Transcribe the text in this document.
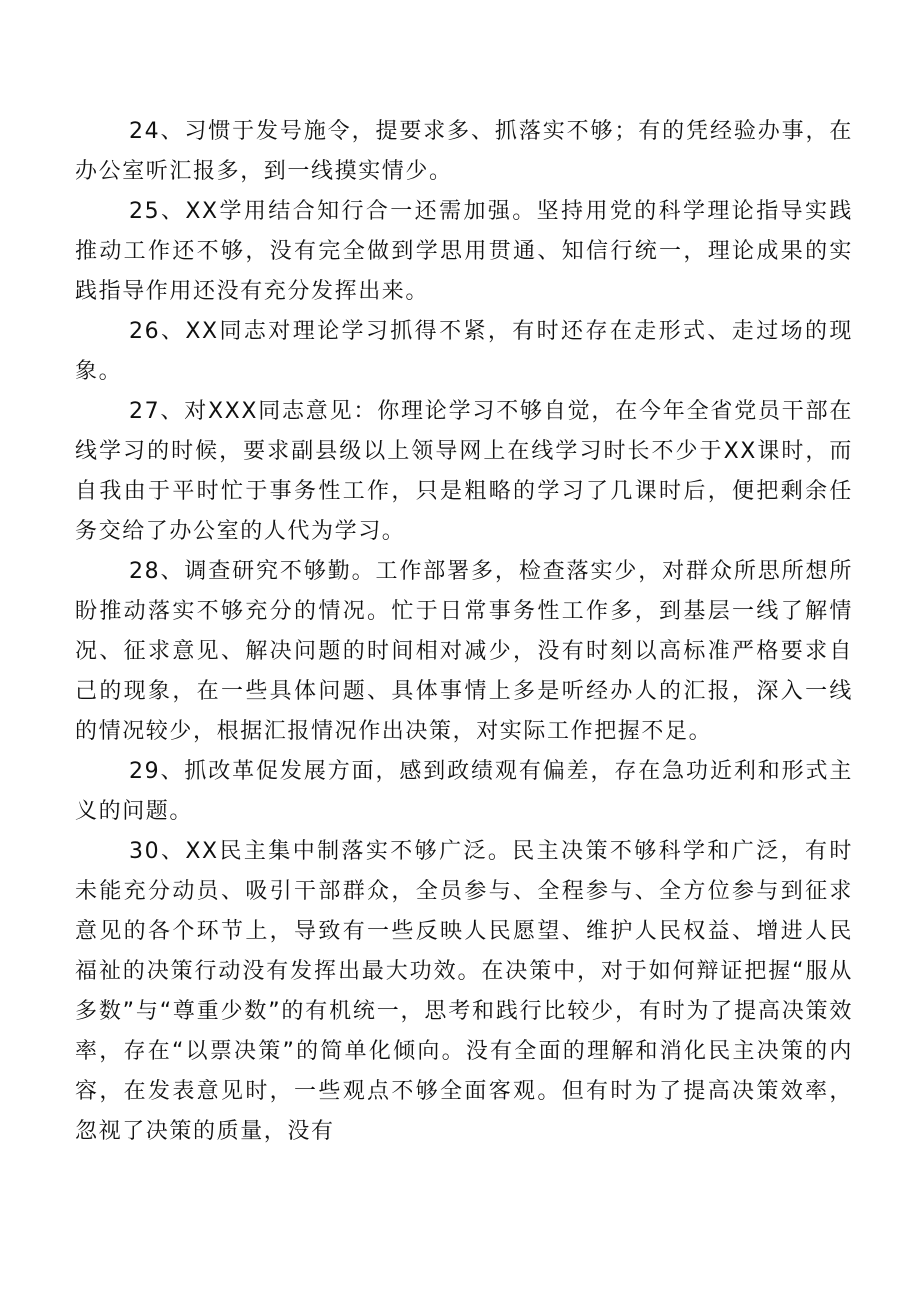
24、习惯于发号施令，提要求多、抓落实不够；有的凭经验办事，在办公室听汇报多，到一线摸实情少。

25、XX学用结合知行合一还需加强。坚持用党的科学理论指导实践推动工作还不够，没有完全做到学思用贯通、知信行统一，理论成果的实践指导作用还没有充分发挥出来。

26、XX同志对理论学习抓得不紧，有时还存在走形式、走过场的现象。

27、对XXX同志意见：你理论学习不够自觉，在今年全省党员干部在线学习的时候，要求副县级以上领导网上在线学习时长不少于XX课时，而自我由于平时忙于事务性工作，只是粗略的学习了几课时后，便把剩余任务交给了办公室的人代为学习。

28、调查研究不够勤。工作部署多，检查落实少，对群众所思所想所盼推动落实不够充分的情况。忙于日常事务性工作多，到基层一线了解情况、征求意见、解决问题的时间相对减少，没有时刻以高标准严格要求自己的现象，在一些具体问题、具体事情上多是听经办人的汇报，深入一线的情况较少，根据汇报情况作出决策，对实际工作把握不足。

29、抓改革促发展方面，感到政绩观有偏差，存在急功近利和形式主义的问题。

30、XX民主集中制落实不够广泛。民主决策不够科学和广泛，有时未能充分动员、吸引干部群众，全员参与、全程参与、全方位参与到征求意见的各个环节上，导致有一些反映人民愿望、维护人民权益、增进人民福祉的决策行动没有发挥出最大功效。在决策中，对于如何辩证把握“服从多数”与“尊重少数”的有机统一，思考和践行比较少，有时为了提高决策效率，存在“以票决策”的简单化倾向。没有全面的理解和消化民主决策的内容，在发表意见时，一些观点不够全面客观。但有时为了提高决策效率，忽视了决策的质量，没有
